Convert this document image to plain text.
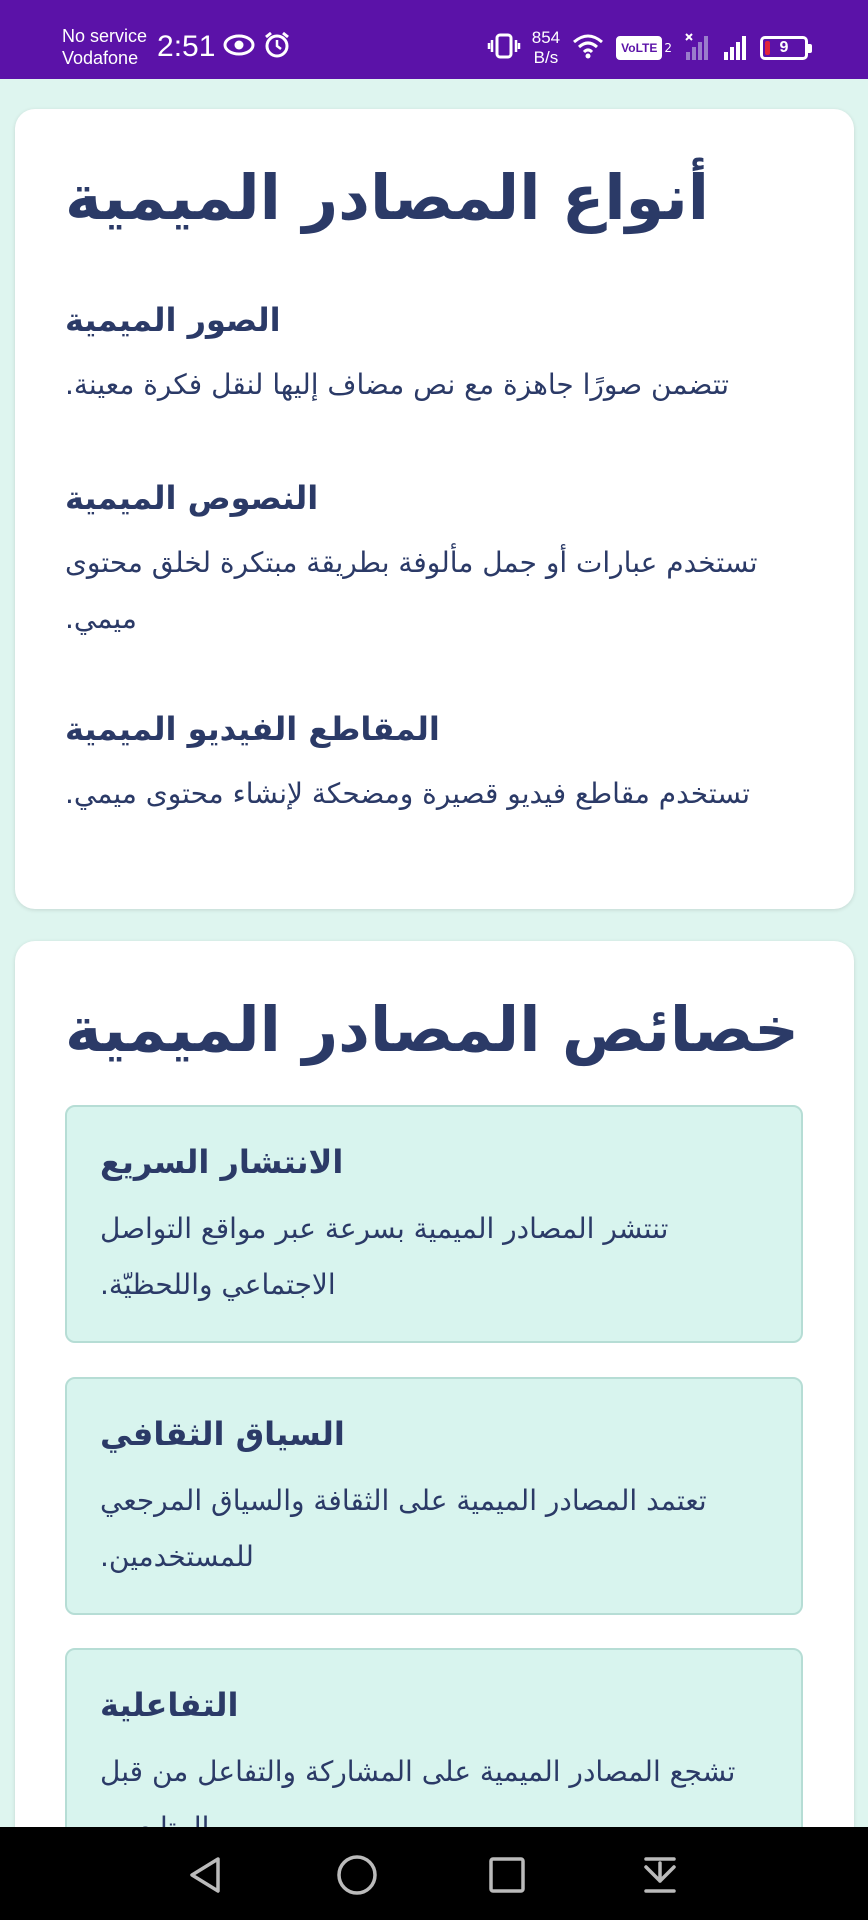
No service
Vodafone 2:51	854
B/s	VoLTE 2	9
أنواع المصادر الميمية
الصور الميمية
تتضمن صورًا جاهزة مع نص مضاف إليها لنقل فكرة معينة.
النصوص الميمية
تستخدم عبارات أو جمل مألوفة بطريقة مبتكرة لخلق محتوى ميمي.
المقاطع الفيديو الميمية
تستخدم مقاطع فيديو قصيرة ومضحكة لإنشاء محتوى ميمي.
خصائص المصادر الميمية
الانتشار السريع
تنتشر المصادر الميمية بسرعة عبر مواقع التواصل الاجتماعي واللحظيّة.
السياق الثقافي
تعتمد المصادر الميمية على الثقافة والسياق المرجعي للمستخدمين.
التفاعلية
تشجع المصادر الميمية على المشاركة والتفاعل من قبل
